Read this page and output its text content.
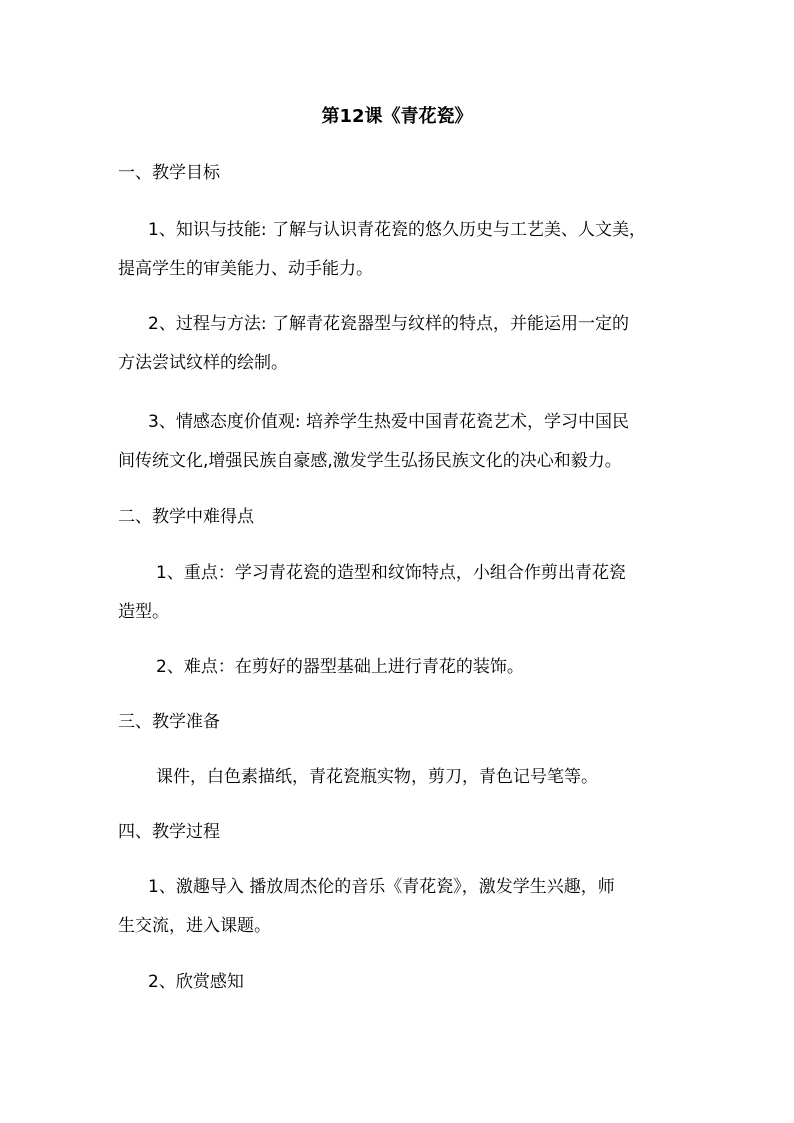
第12课《青花瓷》
一、教学目标
1、知识与技能: 了解与认识青花瓷的悠久历史与工艺美、人文美，
提高学生的审美能力、动手能力。
2、过程与方法: 了解青花瓷器型与纹样的特点，并能运用一定的
方法尝试纹样的绘制。
3、情感态度价值观: 培养学生热爱中国青花瓷艺术，学习中国民
间传统文化,增强民族自豪感,激发学生弘扬民族文化的决心和毅力。
二、教学中难得点
1、重点：学习青花瓷的造型和纹饰特点，小组合作剪出青花瓷
造型。
2、难点：在剪好的器型基础上进行青花的装饰。
三、教学准备
课件，白色素描纸，青花瓷瓶实物，剪刀，青色记号笔等。
四、教学过程
1、激趣导入 播放周杰伦的音乐《青花瓷》，激发学生兴趣，师
生交流，进入课题。
2、欣赏感知
